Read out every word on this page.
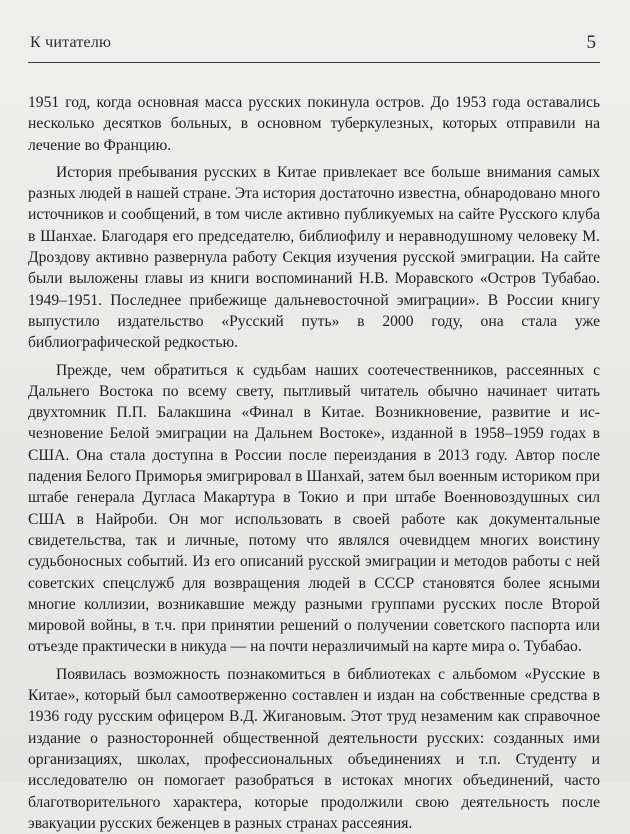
К читателю	5

1951 год, когда основная масса русских покинула остров. До 1953 года оставались несколько десятков больных, в основном туберкулезных, которых отправили на лечение во Францию.

История пребывания русских в Китае привлекает все больше внимания самых разных людей в нашей стране. Эта история достаточно известна, обнародовано много источников и сообщений, в том числе активно публикуемых на сайте Русского клуба в Шанхае. Благодаря его председателю, библиофилу и неравнодушному человеку М. Дроздову активно развернула работу Секция изучения русской эмиграции. На сайте были выложены главы из книги воспоминаний Н.В. Моравского «Остров Тубабао. 1949–1951. Последнее прибежище дальневосточной эмиграции». В России книгу выпустило издательство «Русский путь» в 2000 году, она стала уже библиографической редкостью.

Прежде, чем обратиться к судьбам наших соотечественников, рассеянных с Дальнего Востока по всему свету, пытливый читатель обычно начинает читать двухтомник П.П. Балакшина «Финал в Китае. Возникновение, развитие и исчезновение Белой эмиграции на Дальнем Востоке», изданной в 1958–1959 годах в США. Она стала доступна в России после переиздания в 2013 году. Автор после падения Белого Приморья эмигрировал в Шанхай, затем был военным историком при штабе генерала Дугласа Макартура в Токио и при штабе Военновоздушных сил США в Найроби. Он мог использовать в своей работе как документальные свидетельства, так и личные, потому что являлся очевидцем многих воистину судьбоносных событий. Из его описаний русской эмиграции и методов работы с ней советских спецслужб для возвращения людей в СССР становятся более ясными многие коллизии, возникавшие между разными группами русских после Второй мировой войны, в т.ч. при принятии решений о получении советского паспорта или отъезде практически в никуда — на почти неразличимый на карте мира о. Тубабао.

Появилась возможность познакомиться в библиотеках с альбомом «Русские в Китае», который был самоотверженно составлен и издан на собственные средства в 1936 году русским офицером В.Д. Жигановым. Этот труд незаменим как справочное издание о разносторонней общественной деятельности русских: созданных ими организациях, школах, профессиональных объединениях и т.п. Студенту и исследователю он помогает разобраться в истоках многих объединений, часто благотворительного характера, которые продолжили свою деятельность после эвакуации русских беженцев в разных странах рассеяния.
